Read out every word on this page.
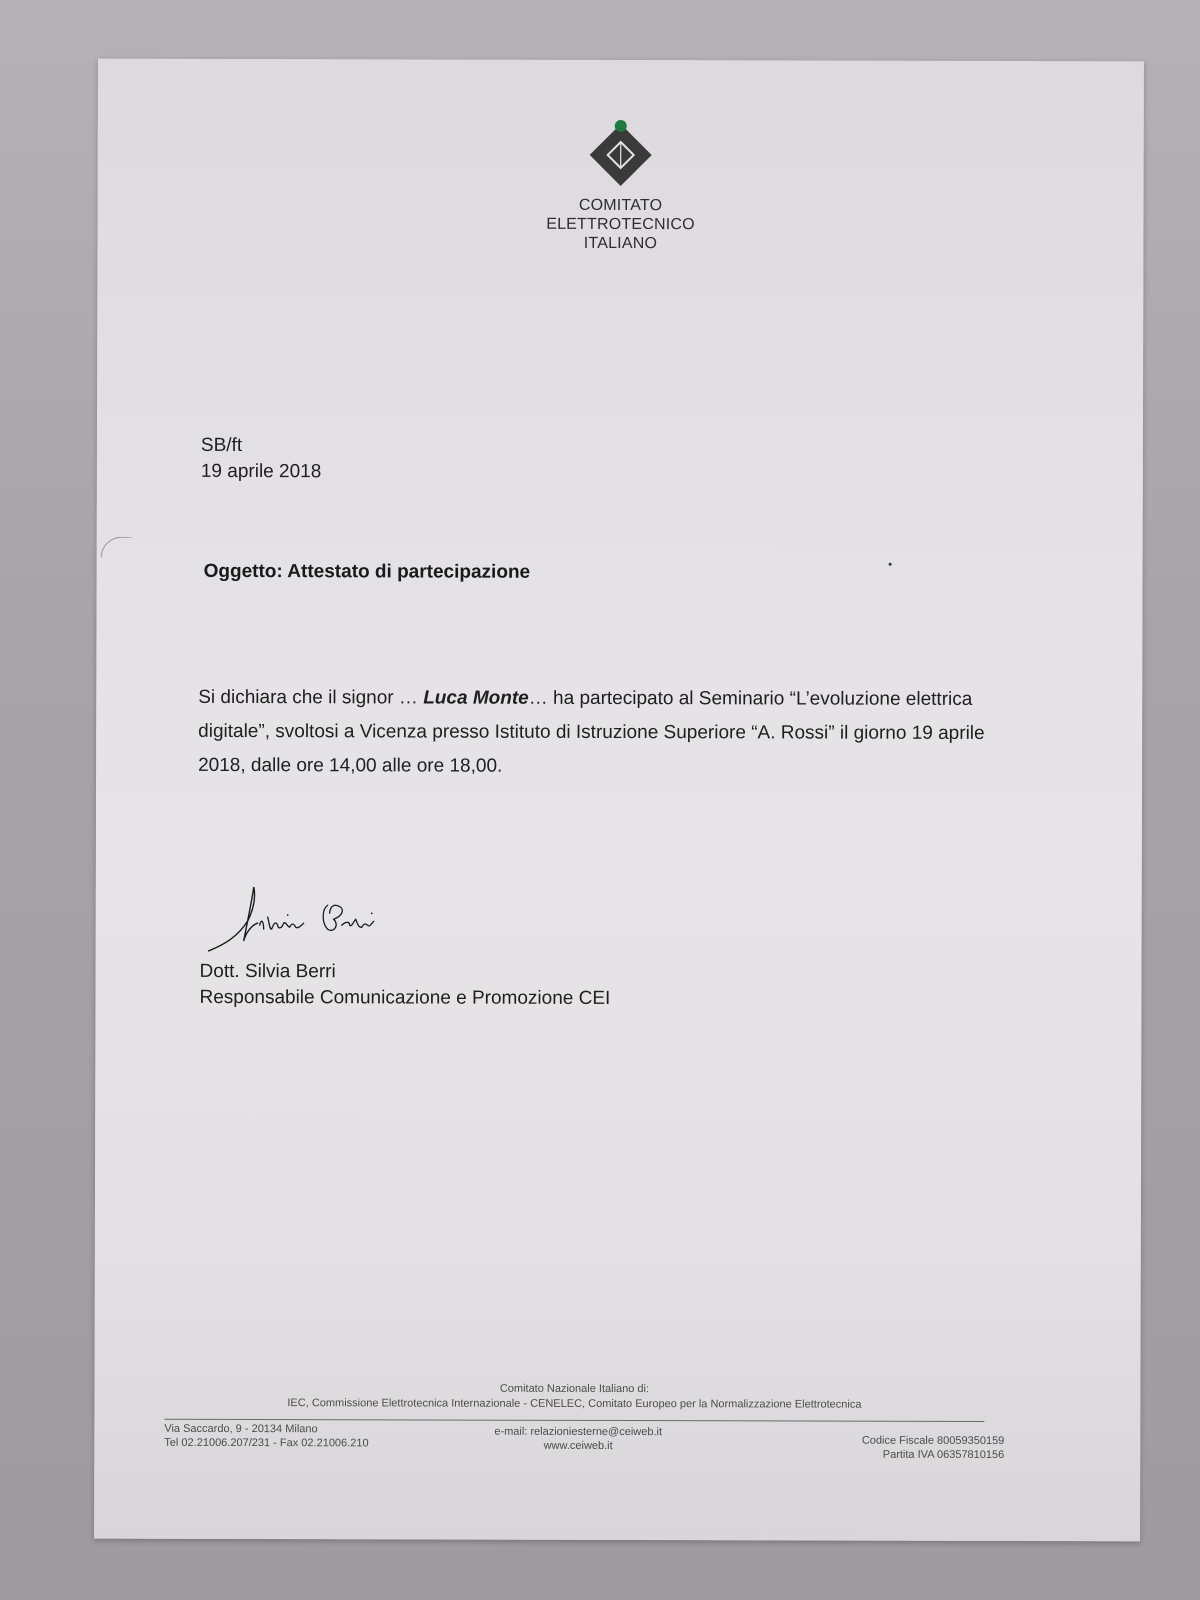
COMITATO
ELETTROTECNICO
ITALIANO
SB/ft
19 aprile 2018
Oggetto: Attestato di partecipazione
Si dichiara che il signor … Luca Monte… ha partecipato al Seminario “L’evoluzione elettrica digitale”, svoltosi a Vicenza presso Istituto di Istruzione Superiore “A. Rossi” il giorno 19 aprile 2018, dalle ore 14,00 alle ore 18,00.
Dott. Silvia Berri
Responsabile Comunicazione e Promozione CEI
Comitato Nazionale Italiano di:
IEC, Commissione Elettrotecnica Internazionale - CENELEC, Comitato Europeo per la Normalizzazione Elettrotecnica
Via Saccardo, 9 - 20134 Milano
Tel 02.21006.207/231 - Fax 02.21006.210
e-mail: relazioniesterne@ceiweb.it
www.ceiweb.it	Codice Fiscale 80059350159
Partita IVA 06357810156
